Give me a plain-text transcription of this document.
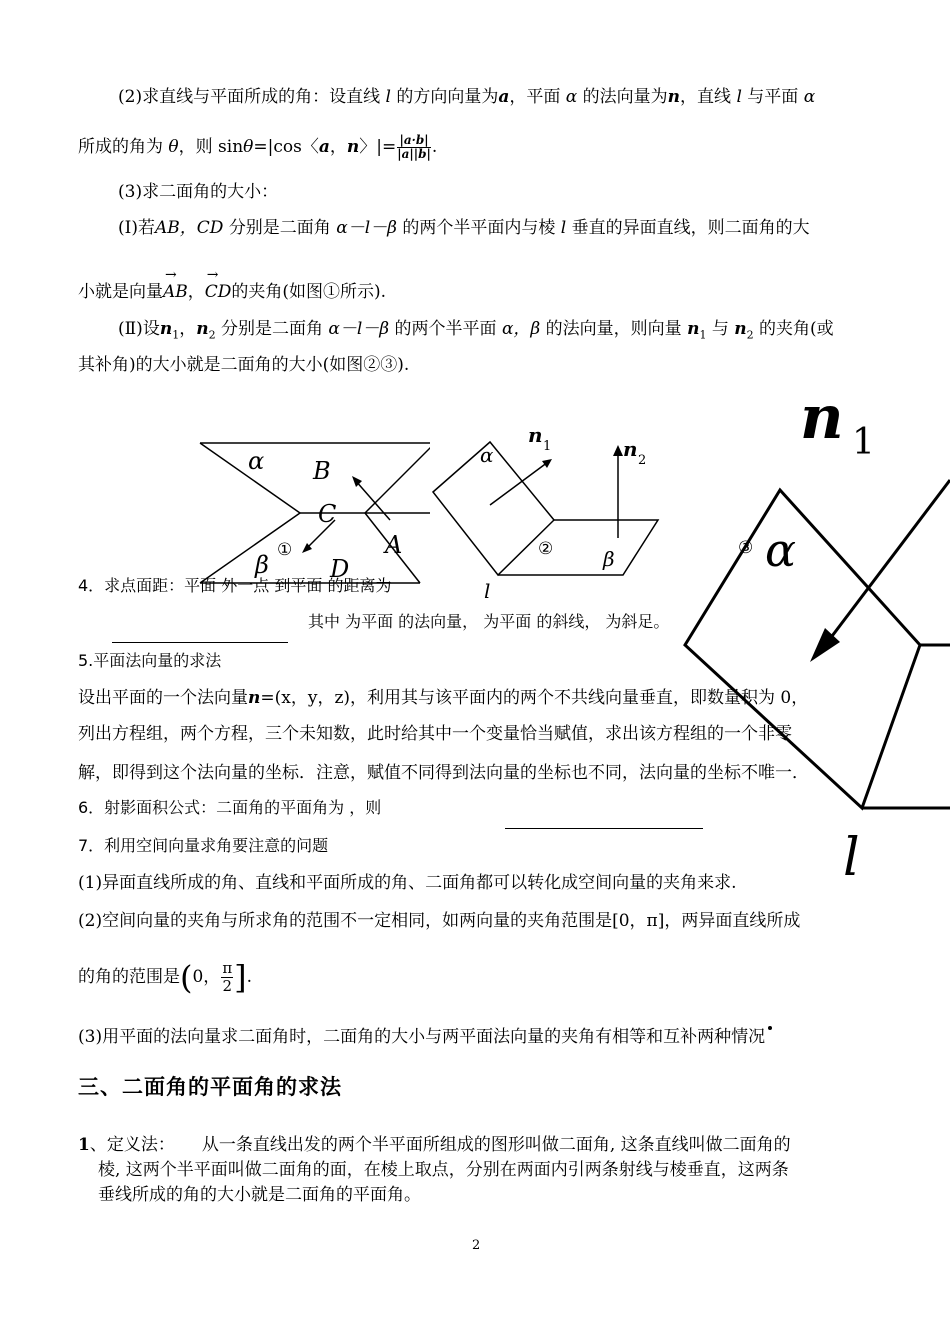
(2)求直线与平面所成的角：设直线 l 的方向向量为a，平面 α 的法向量为n，直线 l 与平面 α
所成的角为 θ，则 sinθ=|cos〈a，n〉|= $\frac{|a\cdot b|}{|a||b|}$ .
(3)求二面角的大小：
(Ⅰ)若AB，CD 分别是二面角 α－l－β 的两个半平面内与棱 l 垂直的异面直线，则二面角的大
小就是向量
→
AB，
→
CD的夹角(如图①所示).
(Ⅱ)设$n_1$，$n_2$ 分别是二面角 α－l－β 的两个半平面 α，β 的法向量，则向量 $n_1$ 与 $n_2$ 的夹角(或
其补角)的大小就是二面角的大小(如图②③).
α B
C
A
β	D
①
α
n 1	n 2
β
l
②	③
n 1
α
l
4．求点面距：平面 外一点 到平面 的距离为
其中 为平面 的法向量， 为平面 的斜线， 为斜足。
5.平面法向量的求法
设出平面的一个法向量n=(x，y，z)，利用其与该平面内的两个不共线向量垂直，即数量积为 0，
列出方程组，两个方程，三个未知数，此时给其中一个变量恰当赋值，求出该方程组的一个非零
解，即得到这个法向量的坐标．注意，赋值不同得到法向量的坐标也不同，法向量的坐标不唯一．
6．射影面积公式：二面角的平面角为 ，则
7．利用空间向量求角要注意的问题
(1)异面直线所成的角、直线和平面所成的角、二面角都可以转化成空间向量的夹角来求.
(2)空间向量的夹角与所求角的范围不一定相同，如两向量的夹角范围是[0，π]，两异面直线所成
的角的范围是(0， $\frac{\pi}{2}$ ].
(3)用平面的法向量求二面角时，二面角的大小与两平面法向量的夹角有相等和互补两种情况
三、二面角的平面角的求法
1、定义法： 从一条直线出发的两个半平面所组成的图形叫做二面角, 这条直线叫做二面角的
棱, 这两个半平面叫做二面角的面，在棱上取点，分别在两面内引两条射线与棱垂直，这两条
垂线所成的角的大小就是二面角的平面角。
2
